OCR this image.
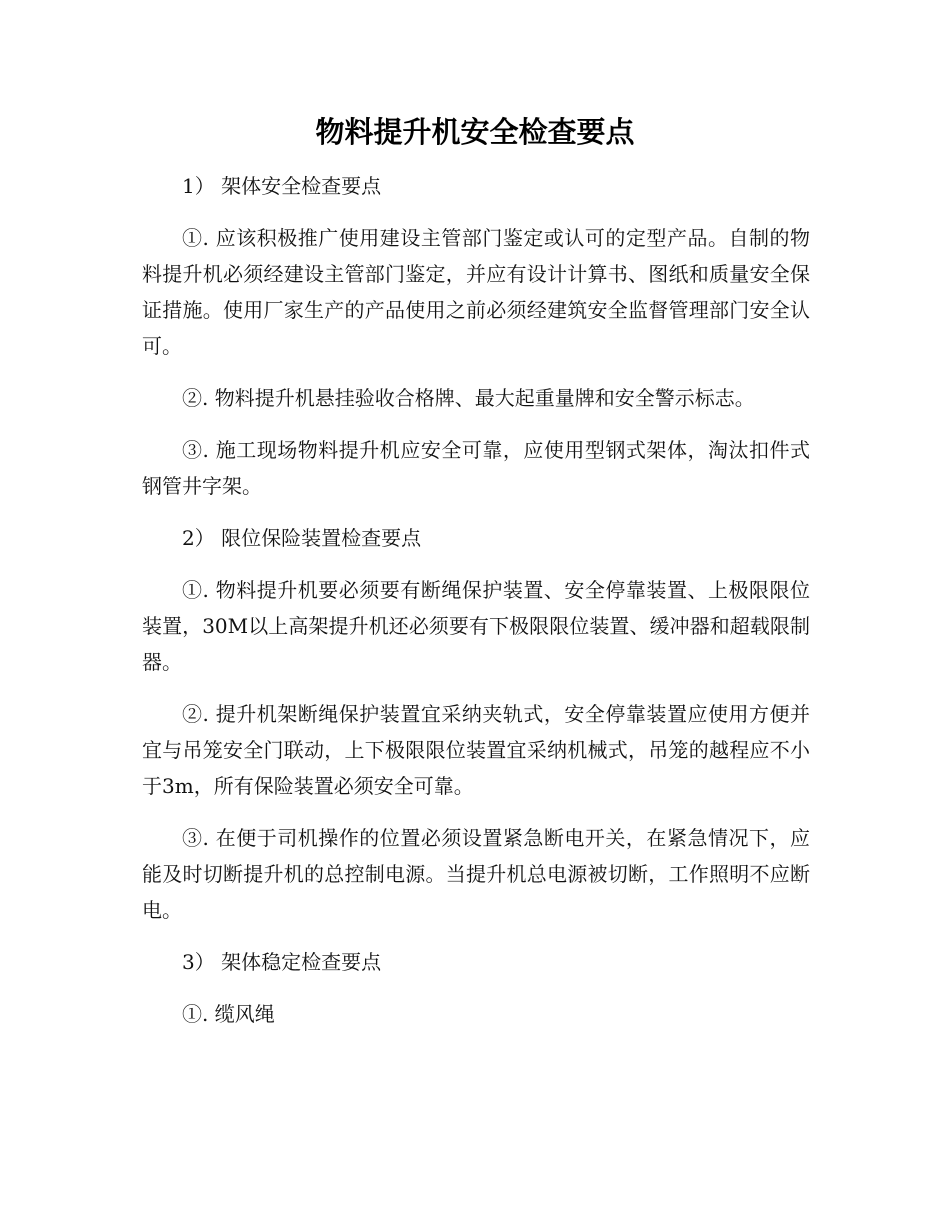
物料提升机安全检查要点

1） 架体安全检查要点

①. 应该积极推广使用建设主管部门鉴定或认可的定型产品。自制的物料提升机必须经建设主管部门鉴定，并应有设计计算书、图纸和质量安全保证措施。使用厂家生产的产品使用之前必须经建筑安全监督管理部门安全认可。

②. 物料提升机悬挂验收合格牌、最大起重量牌和安全警示标志。

③. 施工现场物料提升机应安全可靠，应使用型钢式架体，淘汰扣件式钢管井字架。

2） 限位保险装置检查要点

①. 物料提升机要必须要有断绳保护装置、安全停靠装置、上极限限位装置，30M以上高架提升机还必须要有下极限限位装置、缓冲器和超载限制器。

②. 提升机架断绳保护装置宜采纳夹轨式，安全停靠装置应使用方便并宜与吊笼安全门联动，上下极限限位装置宜采纳机械式，吊笼的越程应不小于3m，所有保险装置必须安全可靠。

③. 在便于司机操作的位置必须设置紧急断电开关，在紧急情况下，应能及时切断提升机的总控制电源。当提升机总电源被切断，工作照明不应断电。

3） 架体稳定检查要点

①. 缆风绳
